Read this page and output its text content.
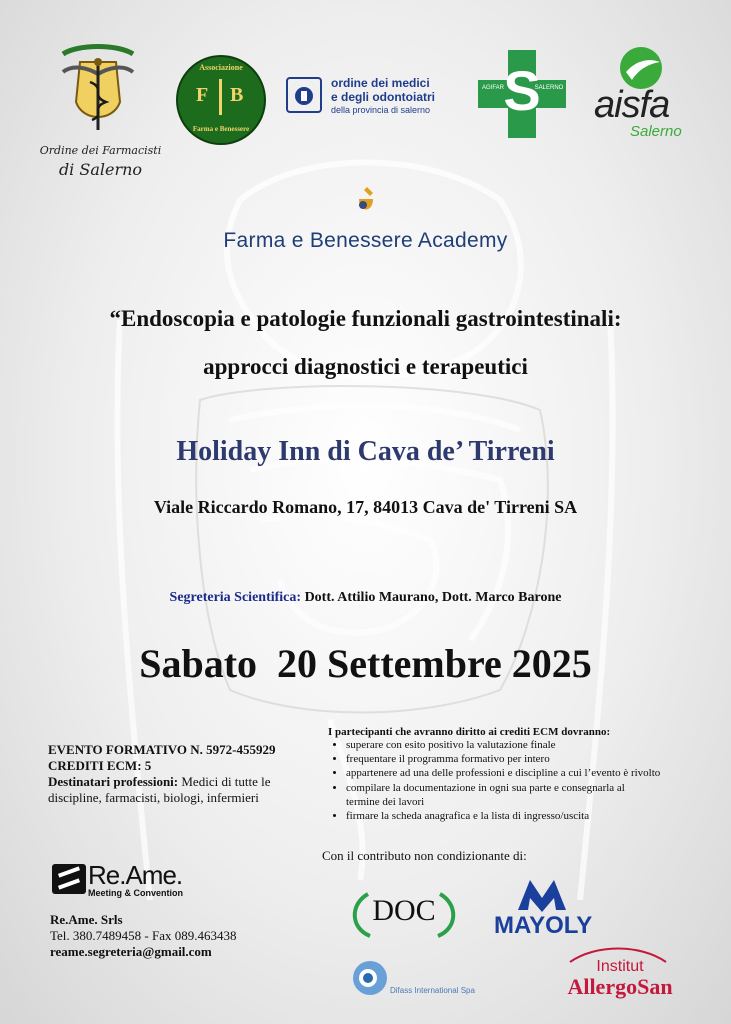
Ordine dei Farmacisti
di Salerno
Associazione
F B
Farma e Benessere
ordine dei medici
e degli odontoiatri
della provincia di salerno
AGIFAR	SALERNO
S	aisfa
Salerno
Farma e Benessere Academy
“Endoscopia e patologie funzionali gastrointestinali:
approcci diagnostici e terapeutici
Holiday Inn di Cava de’ Tirreni
Viale Riccardo Romano, 17, 84013 Cava de' Tirreni SA
Segreteria Scientifica: Dott. Attilio Maurano, Dott. Marco Barone
Sabato  20 Settembre 2025
EVENTO FORMATIVO N. 5972-455929
CREDITI ECM: 5
Destinatari professioni: Medici di tutte le discipline, farmacisti, biologi, infermieri
I partecipanti che avranno diritto ai crediti ECM dovranno:
• superare con esito positivo la valutazione finale
• frequentare il programma formativo per intero
• appartenere ad una delle professioni e discipline a cui l’evento è rivolto
• compilare la documentazione in ogni sua parte e consegnarla al termine dei lavori
• firmare la scheda anagrafica e la lista di ingresso/uscita
Con il contributo non condizionante di:
Re.Ame.
Meeting & Convention
Re.Ame. Srls
Tel. 380.7489458 - Fax 089.463438
reame.segreteria@gmail.com
DOC	MAYOLY
Difass International Spa
Institut
AllergoSan
